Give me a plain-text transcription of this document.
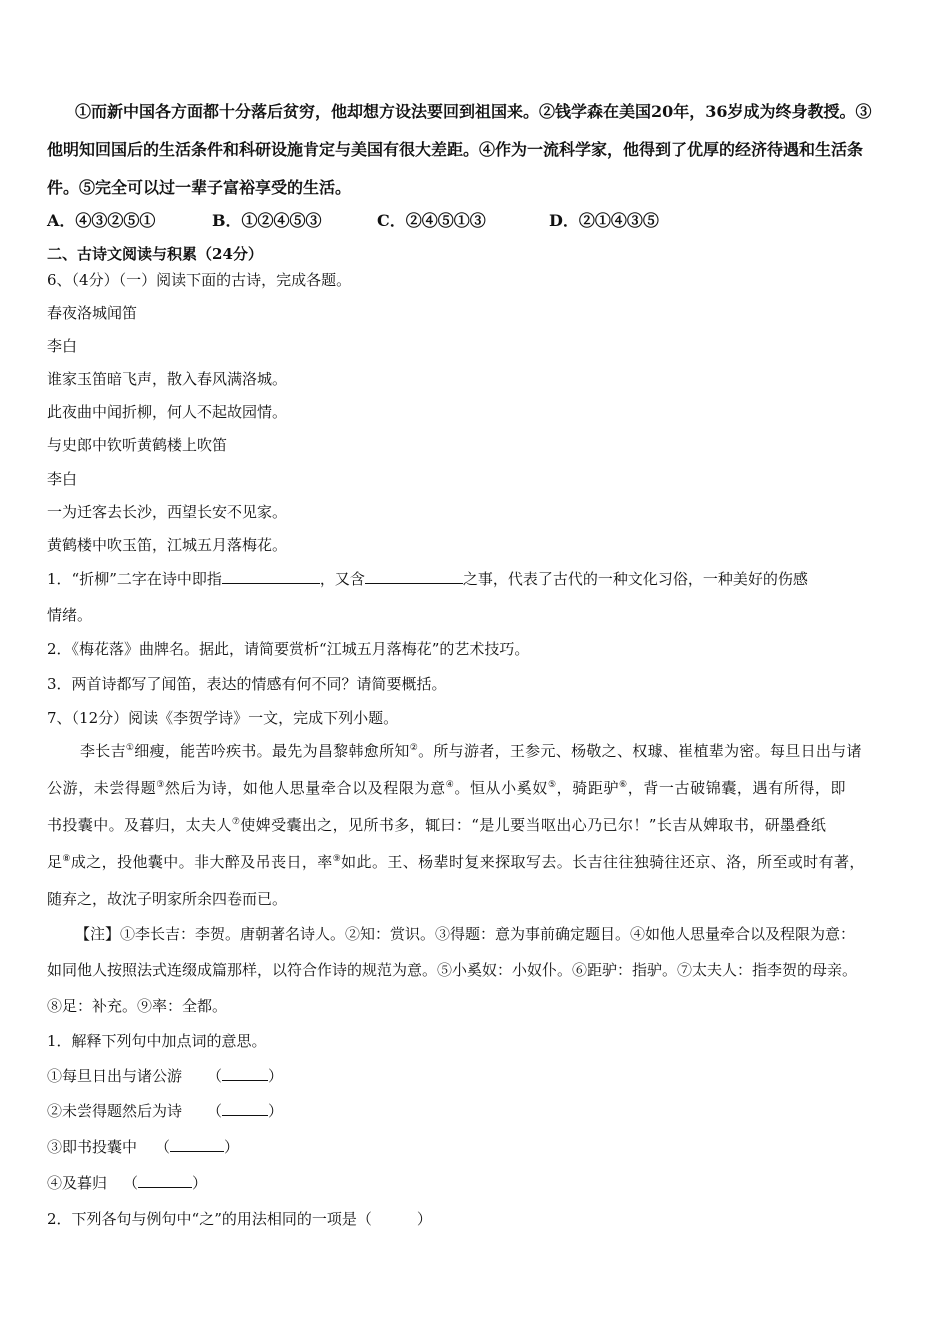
①而新中国各方面都十分落后贫穷，他却想方设法要回到祖国来。②钱学森在美国20年，36岁成为终身教授。③
他明知回国后的生活条件和科研设施肯定与美国有很大差距。④作为一流科学家，他得到了优厚的经济待遇和生活条
件。⑤完全可以过一辈子富裕享受的生活。
A．④③②⑤①	B．①②④⑤③	C．②④⑤①③	D．②①④③⑤
二、古诗文阅读与积累（24分）
6、（4分）（一）阅读下面的古诗，完成各题。
春夜洛城闻笛
李白
谁家玉笛暗飞声，散入春风满洛城。
此夜曲中闻折柳，何人不起故园情。
与史郎中钦听黄鹤楼上吹笛
李白
一为迁客去长沙，西望长安不见家。
黄鹤楼中吹玉笛，江城五月落梅花。
1．“折柳”二字在诗中即指	，又含	之事，代表了古代的一种文化习俗，一种美好的伤感
情绪。
2．《梅花落》曲牌名。据此，请简要赏析“江城五月落梅花”的艺术技巧。
3．两首诗都写了闻笛，表达的情感有何不同？请简要概括。
7、（12分）阅读《李贺学诗》一文，完成下列小题。
李长吉①细瘦，能苦吟疾书。最先为昌黎韩愈所知②。所与游者，王参元、杨敬之、权璩、崔植辈为密。每旦日出与诸
公游，未尝得题③然后为诗，如他人思量牵合以及程限为意④。恒从小奚奴⑤，骑距驴⑥，背一古破锦囊，遇有所得，即
书投囊中。及暮归，太夫人⑦使婢受囊出之，见所书多，辄曰：“是儿要当呕出心乃已尔！”长吉从婢取书，研墨叠纸
足⑧成之，投他囊中。非大醉及吊丧日，率⑨如此。王、杨辈时复来探取写去。长吉往往独骑往还京、洛，所至或时有著，
随弃之，故沈子明家所余四卷而已。
【注】①李长吉：李贺。唐朝著名诗人。②知：赏识。③得题：意为事前确定题目。④如他人思量牵合以及程限为意：
如同他人按照法式连缀成篇那样，以符合作诗的规范为意。⑤小奚奴：小奴仆。⑥距驴：指驴。⑦太夫人：指李贺的母亲。
⑧足：补充。⑨率：全都。
1．解释下列句中加点词的意思。
①每旦日出与诸公游 （	）
②未尝得题然后为诗 （	）
③即书投囊中 （	）
④及暮归 （	）
2．下列各句与例句中“之”的用法相同的一项是（　　　）
